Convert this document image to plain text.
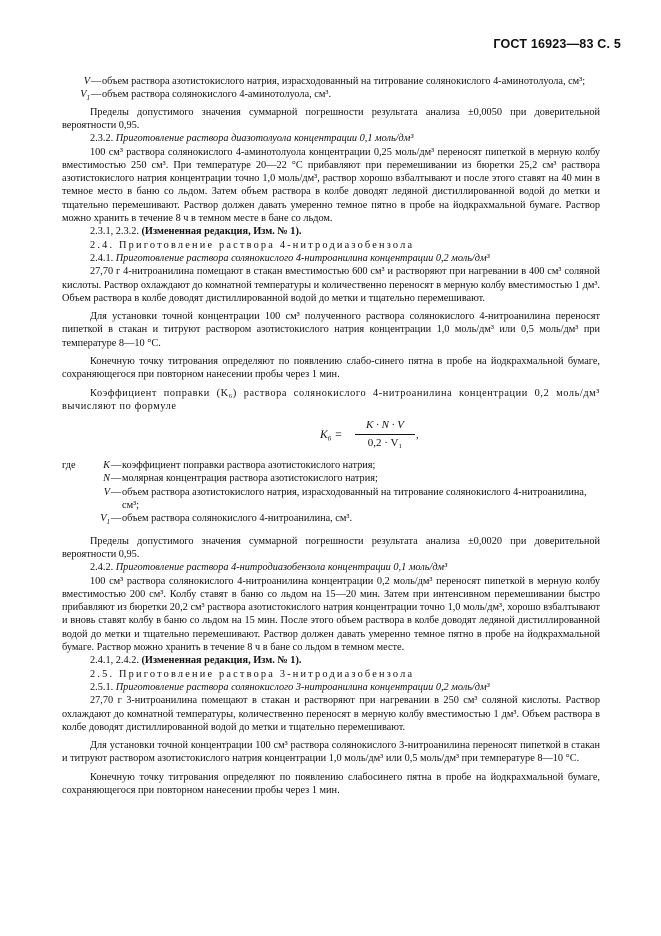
ГОСТ 16923—83 С. 5
V — объем раствора азотистокислого натрия, израсходованный на титрование солянокислого 4-аминотолуола, см³;
$V_1$ — объем раствора солянокислого 4-аминотолуола, см³.

Пределы допустимого значения суммарной погрешности результата анализа ±0,0050 при доверительной вероятности 0,95.

2.3.2. Приготовление раствора диазотолуола концентрации 0,1 моль/дм³

100 см³ раствора солянокислого 4-аминотолуола концентрации 0,25 моль/дм³ переносят пипеткой в мерную колбу вместимостью 250 см³. При температуре 20—22 °С прибавляют при перемешивании из бюретки 25,2 см³ раствора азотистокислого натрия концентрации точно 1,0 моль/дм³, раствор хорошо взбалтывают и после этого ставят на 40 мин в темное место в баню со льдом. Затем объем раствора в колбе доводят ледяной дистиллированной водой до метки и тщательно перемешивают. Раствор должен давать умеренно темное пятно в пробе на йодкрахмальной бумаге. Раствор можно хранить в течение 8 ч в темном месте в бане со льдом.

2.3.1, 2.3.2. (Измененная редакция, Изм. № 1).

2.4. Приготовление раствора 4-нитродиазобензола

2.4.1. Приготовление раствора солянокислого 4-нитроанилина концентрации 0,2 моль/дм³

27,70 г 4-нитроанилина помещают в стакан вместимостью 600 см³ и растворяют при нагревании в 400 см³ соляной кислоты. Раствор охлаждают до комнатной температуры и количественно переносят в мерную колбу вместимостью 1 дм³. Объем раствора в колбе доводят дистиллированной водой до метки и тщательно перемешивают.

Для установки точной концентрации 100 см³ полученного раствора солянокислого 4-нитроанилина переносят пипеткой в стакан и титруют раствором азотистокислого натрия концентрации 1,0 моль/дм³ или 0,5 моль/дм³ при температуре 8—10 °С.

Конечную точку титрования определяют по появлению слабо-синего пятна в пробе на йодкрахмальной бумаге, сохраняющегося при повторном нанесении пробы через 1 мин.

Коэффициент поправки (K₆) раствора солянокислого 4-нитроанилина концентрации 0,2 моль/дм³ вычисляют по формуле

$K_6 = \frac{K \cdot N \cdot V}{\text{0,2 · V₁}}$ ,
где	K — коэффициент поправки раствора азотистокислого натрия;
N — молярная концентрация раствора азотистокислого натрия;
V — объем раствора азотистокислого натрия, израсходованный на титрование солянокислого 4-нитроанилина, см³;
$V_1$ — объем раствора солянокислого 4-нитроанилина, см³.

Пределы допустимого значения суммарной погрешности результата анализа ±0,0020 при доверительной вероятности 0,95.

2.4.2. Приготовление раствора 4-нитродиазобензола концентрации 0,1 моль/дм³

100 см³ раствора солянокислого 4-нитроанилина концентрации 0,2 моль/дм³ переносят пипеткой в мерную колбу вместимостью 200 см³. Колбу ставят в баню со льдом на 15—20 мин. Затем при интенсивном перемешивании быстро прибавляют из бюретки 20,2 см³ раствора азотистокислого натрия концентрации точно 1,0 моль/дм³, хорошо взбалтывают и вновь ставят колбу в баню со льдом на 15 мин. После этого объем раствора в колбе доводят ледяной дистиллированной водой до метки и тщательно перемешивают. Раствор должен давать умеренно темное пятно в пробе на йодкрахмальной бумаге. Раствор можно хранить в течение 8 ч в бане со льдом в темном месте.

2.4.1, 2.4.2. (Измененная редакция, Изм. № 1).

2.5. Приготовление раствора 3-нитродиазобензола

2.5.1. Приготовление раствора солянокислого 3-нитроанилина концентрации 0,2 моль/дм³

27,70 г 3-нитроанилина помещают в стакан и растворяют при нагревании в 250 см³ соляной кислоты. Раствор охлаждают до комнатной температуры, количественно переносят в мерную колбу вместимостью 1 дм³. Объем раствора в колбе доводят дистиллированной водой до метки и тщательно перемешивают.

Для установки точной концентрации 100 см³ раствора солянокислого 3-нитроанилина переносят пипеткой в стакан и титруют раствором азотистокислого натрия концентрации 1,0 моль/дм³ или 0,5 моль/дм³ при температуре 8—10 °С.

Конечную точку титрования определяют по появлению слабосинего пятна в пробе на йодкрахмальной бумаге, сохраняющегося при повторном нанесении пробы через 1 мин.
